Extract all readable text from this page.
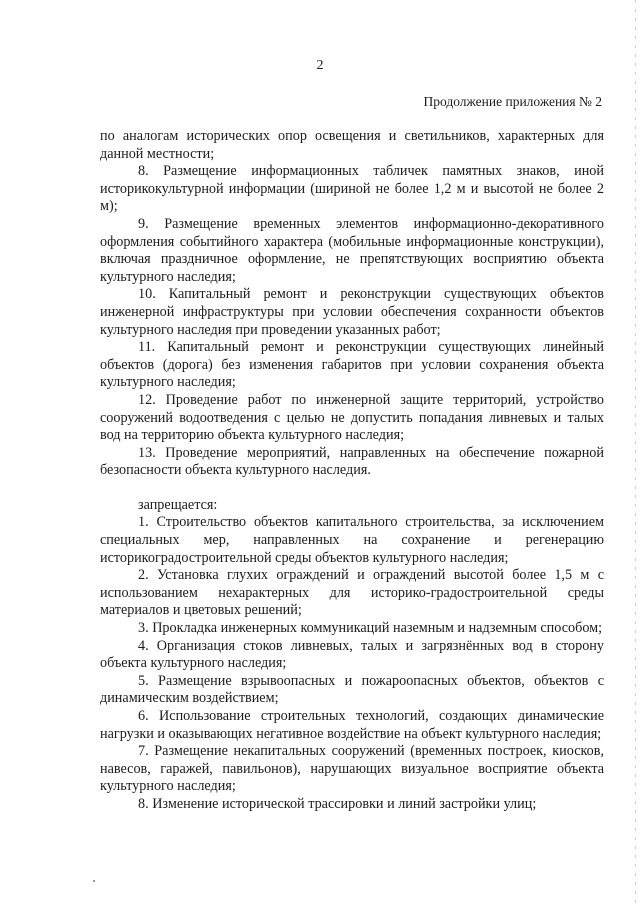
2
Продолжение приложения № 2

по аналогам исторических опор освещения и светильников, характерных для данной местности;

8. Размещение информационных табличек памятных знаков, иной историкокультурной информации (шириной не более 1,2 м и высотой не более 2 м);

9. Размещение временных элементов информационно-декоративного оформления событийного характера (мобильные информационные конструкции), включая праздничное оформление, не препятствующих восприятию объекта культурного наследия;

10. Капитальный ремонт и реконструкции существующих объектов инженерной инфраструктуры при условии обеспечения сохранности объектов культурного наследия при проведении указанных работ;

11. Капитальный ремонт и реконструкции существующих линейный объектов (дорога) без изменения габаритов при условии сохранения объекта культурного наследия;

12. Проведение работ по инженерной защите территорий, устройство сооружений водоотведения с целью не допустить попадания ливневых и талых вод на территорию объекта культурного наследия;

13. Проведение мероприятий, направленных на обеспечение пожарной безопасности объекта культурного наследия.

запрещается:

1. Строительство объектов капитального строительства, за исключением специальных мер, направленных на сохранение и регенерацию историкоградостроительной среды объектов культурного наследия;

2. Установка глухих ограждений и ограждений высотой более 1,5 м с использованием нехарактерных для историко-градостроительной среды материалов и цветовых решений;

3. Прокладка инженерных коммуникаций наземным и надземным способом;

4. Организация стоков ливневых, талых и загрязнённых вод в сторону объекта культурного наследия;

5. Размещение взрывоопасных и пожароопасных объектов, объектов с динамическим воздействием;

6. Использование строительных технологий, создающих динамические нагрузки и оказывающих негативное воздействие на объект культурного наследия;

7. Размещение некапитальных сооружений (временных построек, киосков, навесов, гаражей, павильонов), нарушающих визуальное восприятие объекта культурного наследия;

8. Изменение исторической трассировки и линий застройки улиц;
